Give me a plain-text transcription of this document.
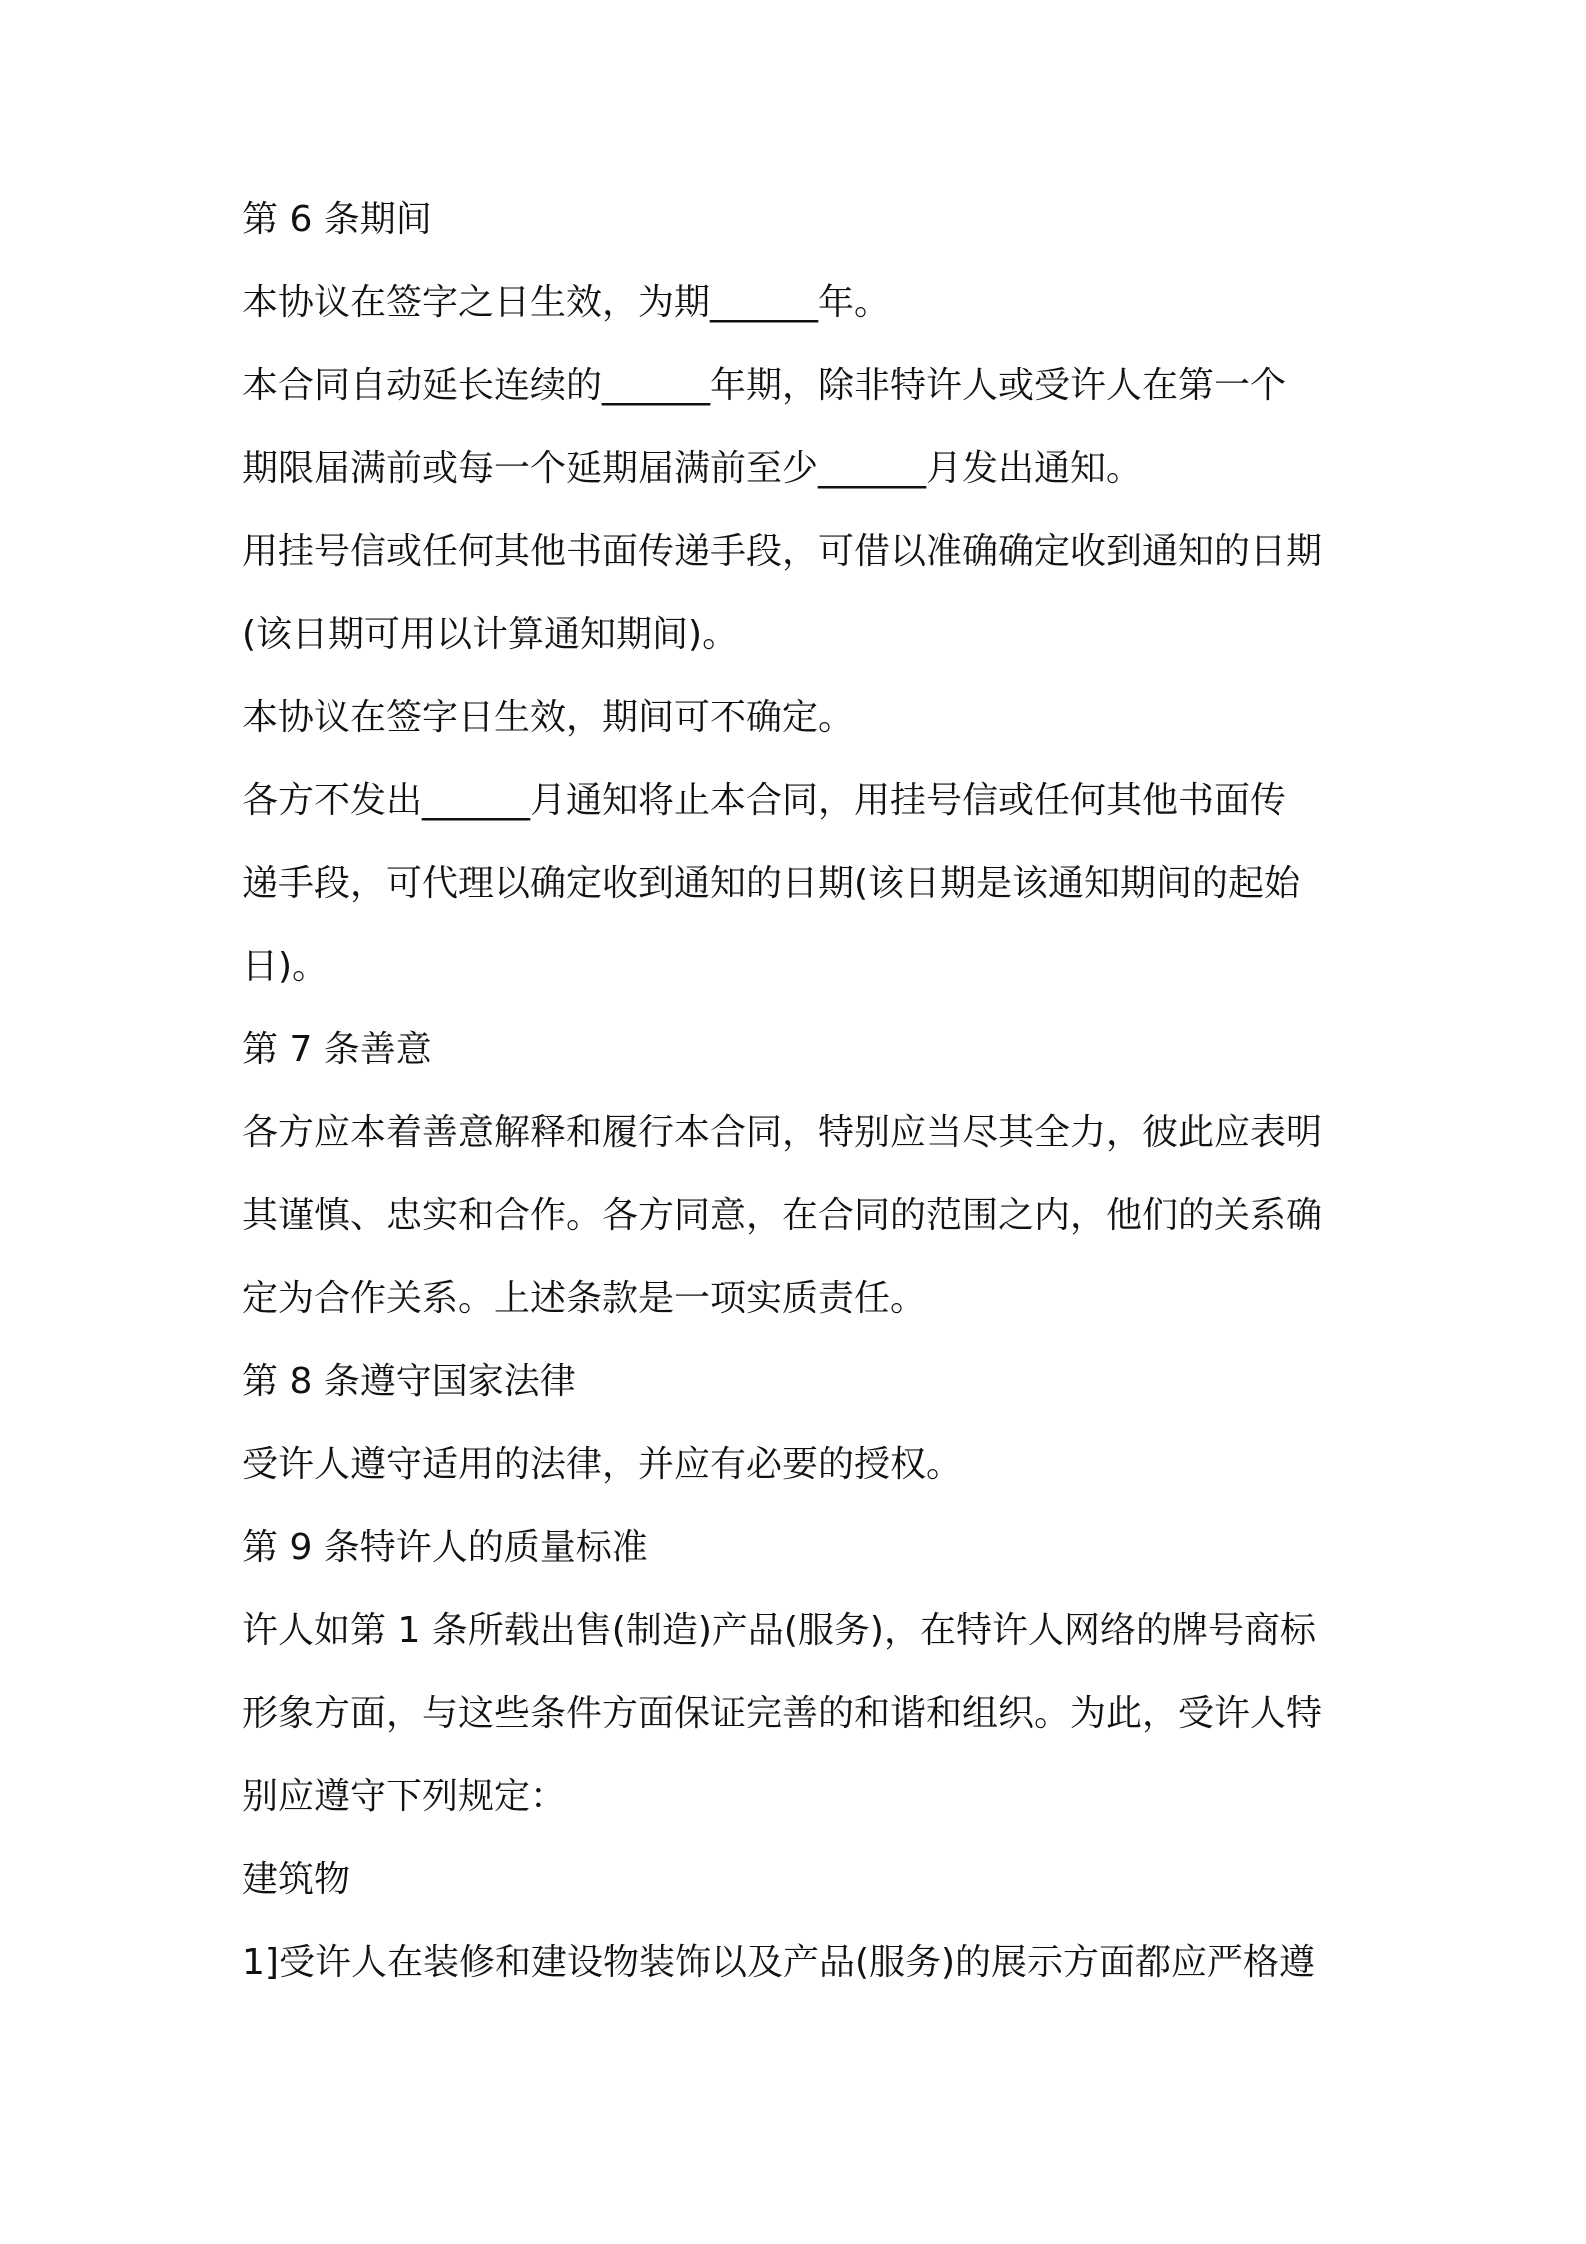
第 6 条期间
本协议在签字之日生效，为期______年。
本合同自动延长连续的______年期，除非特许人或受许人在第一个
期限届满前或每一个延期届满前至少______月发出通知。
用挂号信或任何其他书面传递手段，可借以准确确定收到通知的日期
(该日期可用以计算通知期间)。
本协议在签字日生效，期间可不确定。
各方不发出______月通知将止本合同，用挂号信或任何其他书面传
递手段，可代理以确定收到通知的日期(该日期是该通知期间的起始
日)。
第 7 条善意
各方应本着善意解释和履行本合同，特别应当尽其全力，彼此应表明
其谨慎、忠实和合作。各方同意，在合同的范围之内，他们的关系确
定为合作关系。上述条款是一项实质责任。
第 8 条遵守国家法律
受许人遵守适用的法律，并应有必要的授权。
第 9 条特许人的质量标准
许人如第 1 条所载出售(制造)产品(服务)，在特许人网络的牌号商标
形象方面，与这些条件方面保证完善的和谐和组织。为此，受许人特
别应遵守下列规定：
建筑物
1]受许人在装修和建设物装饰以及产品(服务)的展示方面都应严格遵
